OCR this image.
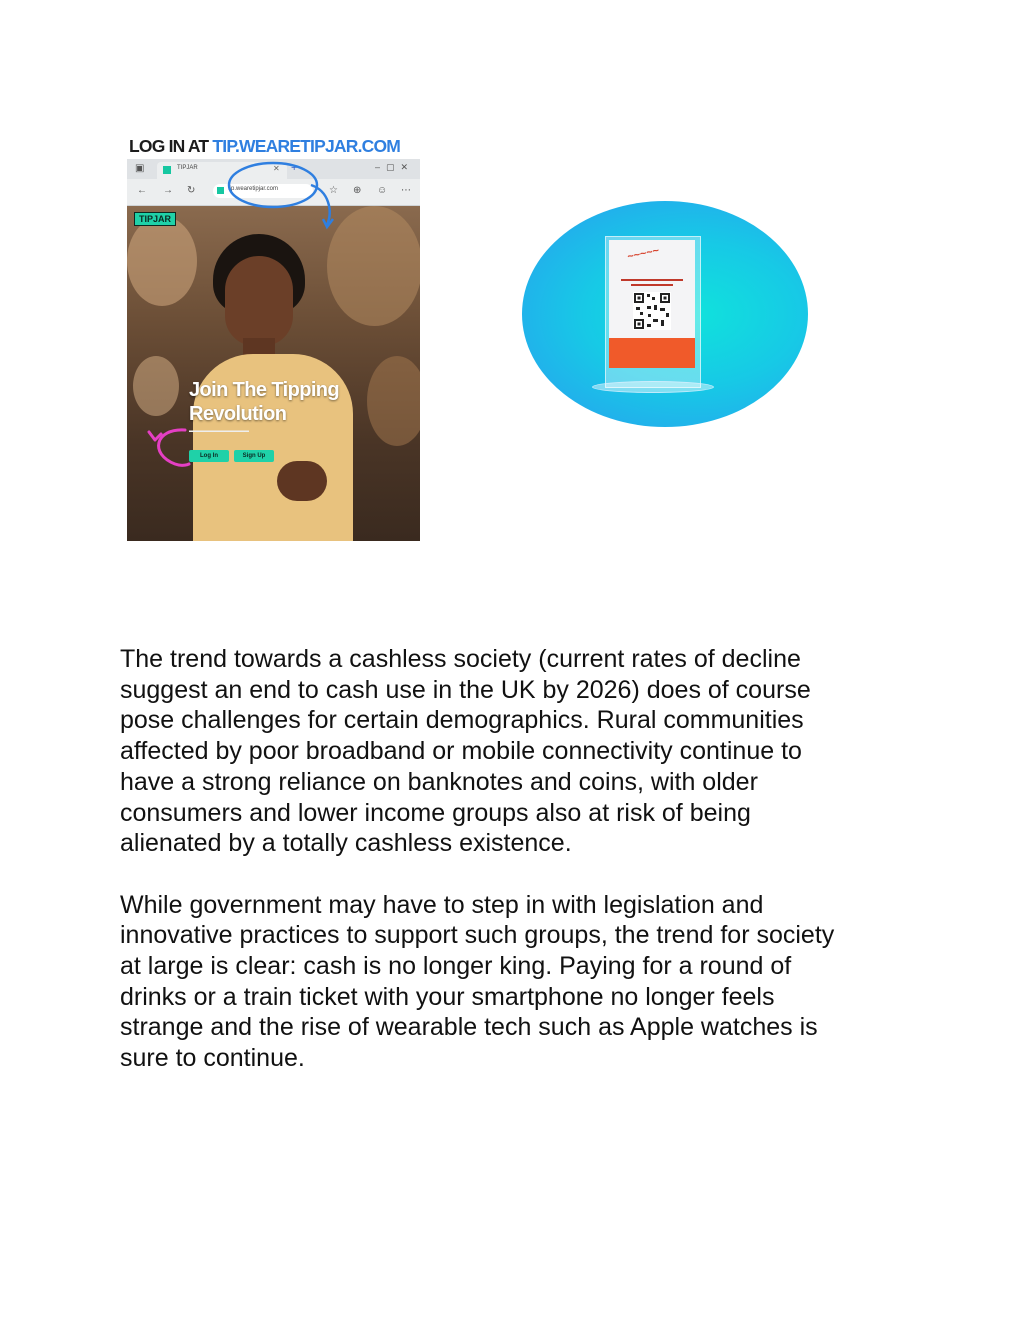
LOG IN AT TIP.WEARETIPJAR.COM
▣	TIPJAR	✕ +	–▢✕
← → ↻	tip.wearetipjar.com	☆ ⊕ ☺ ⋯
TIPJAR
Join The Tipping
Revolution
▬▬▬▬▬▬▬▬▬▬▬▬
Log In	Sign Up
~~~~~

The trend towards a cashless society (current rates of decline
suggest an end to cash use in the UK by 2026) does of course
pose challenges for certain demographics. Rural communities
affected by poor broadband or mobile connectivity continue to
have a strong reliance on banknotes and coins, with older
consumers and lower income groups also at risk of being
alienated by a totally cashless existence.

While government may have to step in with legislation and
innovative practices to support such groups, the trend for society
at large is clear: cash is no longer king. Paying for a round of
drinks or a train ticket with your smartphone no longer feels
strange and the rise of wearable tech such as Apple watches is
sure to continue.
